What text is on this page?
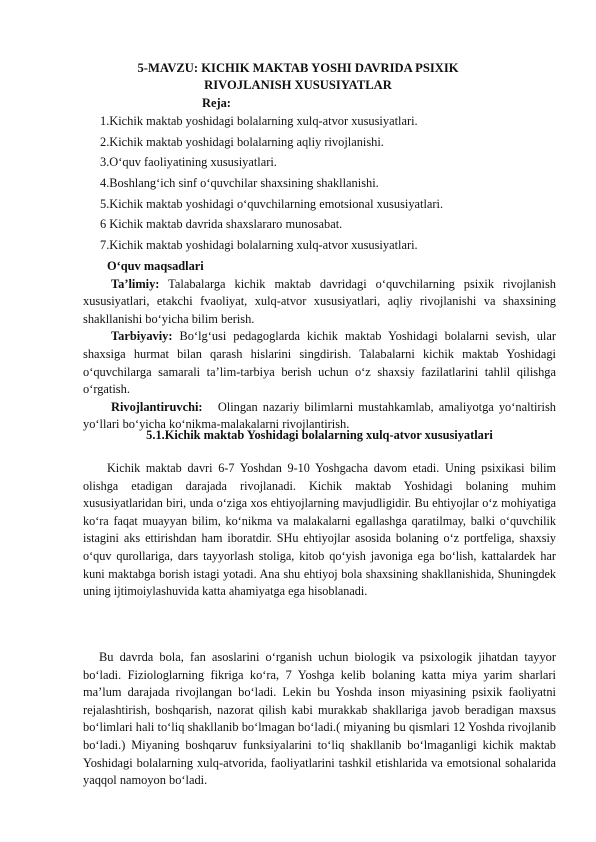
5-MAVZU: KICHIK MAKTAB YOSHI DAVRIDA PSIXIK
RIVOJLANISH XUSUSIYATLAR
Reja:
1.Kichik maktab yoshidagi bolalarning xulq-atvor xususiyatlari.
2.Kichik maktab yoshidagi bolalarning aqliy rivojlanishi.
3.O‘quv faoliyatining xususiyatlari.
4.Boshlang‘ich sinf o‘quvchilar shaxsining shakllanishi.
5.Kichik maktab yoshidagi o‘quvchilarning emotsional xususiyatlari.
6 Kichik maktab davrida shaxslararo munosabat.
7.Kichik maktab yoshidagi bolalarning xulq-atvor xususiyatlari.
O‘quv maqsadlari
Ta’limiy: Talabalarga kichik maktab davridagi o‘quvchilarning psixik rivojlanish xususiyatlari, etakchi fvaoliyat, xulq-atvor xususiyatlari, aqliy rivojlanishi va shaxsining shakllanishi bo‘yicha bilim berish.
Tarbiyaviy: Bo‘lg‘usi pedagoglarda kichik maktab Yoshidagi bolalarni sevish, ular shaxsiga hurmat bilan qarash hislarini singdirish. Talabalarni kichik maktab Yoshidagi o‘quvchilarga samarali ta’lim-tarbiya berish uchun o‘z shaxsiy fazilatlarini tahlil qilishga o‘rgatish.
Rivojlantiruvchi: Olingan nazariy bilimlarni mustahkamlab, amaliyotga yo‘naltirish yo‘llari bo‘yicha ko‘nikma-malakalarni rivojlantirish.
5.1.Kichik maktab Yoshidagi bolalarning xulq-atvor xususiyatlari
Kichik maktab davri 6-7 Yoshdan 9-10 Yoshgacha davom etadi. Uning psixikasi bilim olishga etadigan darajada rivojlanadi. Kichik maktab Yoshidagi bolaning muhim xususiyatlaridan biri, unda o‘ziga xos ehtiyojlarning mavjudligidir. Bu ehtiyojlar o‘z mohiyatiga ko‘ra faqat muayyan bilim, ko‘nikma va malakalarni egallashga qaratilmay, balki o‘quvchilik istagini aks ettirishdan ham iboratdir. SHu ehtiyojlar asosida bolaning o‘z portfeliga, shaxsiy o‘quv qurollariga, dars tayyorlash stoliga, kitob qo‘yish javoniga ega bo‘lish, kattalardek har kuni maktabga borish istagi yotadi. Ana shu ehtiyoj bola shaxsining shakllanishida, Shuningdek uning ijtimoiylashuvida katta ahamiyatga ega hisoblanadi.
Bu davrda bola, fan asoslarini o‘rganish uchun biologik va psixologik jihatdan tayyor bo‘ladi. Fiziologlarning fikriga ko‘ra, 7 Yoshga kelib bolaning katta miya yarim sharlari ma’lum darajada rivojlangan bo‘ladi. Lekin bu Yoshda inson miyasining psixik faoliyatni rejalashtirish, boshqarish, nazorat qilish kabi murakkab shakllariga javob beradigan maxsus bo‘limlari hali to‘liq shakllanib bo‘lmagan bo‘ladi.( miyaning bu qismlari 12 Yoshda rivojlanib bo‘ladi.) Miyaning boshqaruv funksiyalarini to‘liq shakllanib bo‘lmaganligi kichik maktab Yoshidagi bolalarning xulq-atvorida, faoliyatlarini tashkil etishlarida va emotsional sohalarida yaqqol namoyon bo‘ladi.
